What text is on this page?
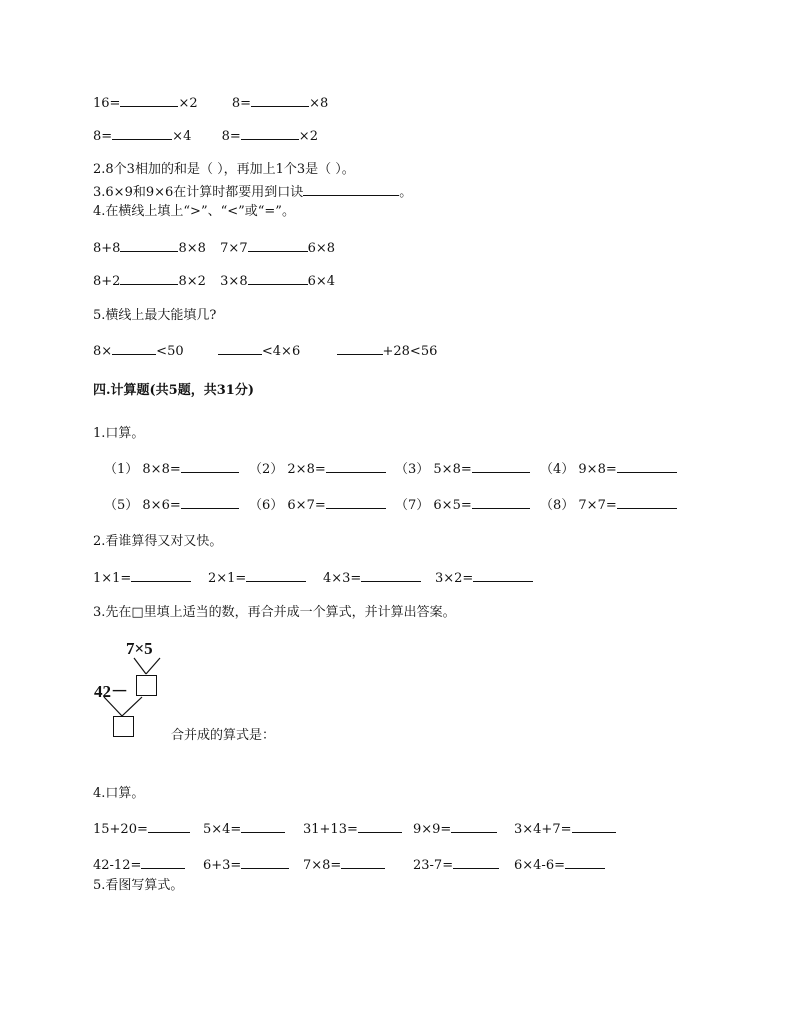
16=	×2	8=	×8
8=	×4 8=	×2
2.8个3相加的和是（ ），再加上1个3是（ ）。
3.6×9和9×6在计算时都要用到口诀	。
4.在横线上填上“>”、“<”或“=”。
8+8	8×8 7×7	6×8
8+2	8×2 3×8	6×4
5.横线上最大能填几?
8×	<50	<4×6	+28<56
四.计算题(共5题，共31分)
1.口算。
（1） 8×8=	（2） 2×8=	（3） 5×8=	（4） 9×8=
（5） 8×6=	（6） 6×7=	（7） 6×5=	（8） 7×7=
2.看谁算得又对又快。
1×1=	2×1=	4×3=	3×2=
3.先在□里填上适当的数，再合并成一个算式，并计算出答案。
7×5
42－
合并成的算式是：
4.口算。
15+20=	5×4=	31+13=	9×9=	3×4+7=
42-12=	6+3=	7×8=	23-7=	6×4-6=
5.看图写算式。
